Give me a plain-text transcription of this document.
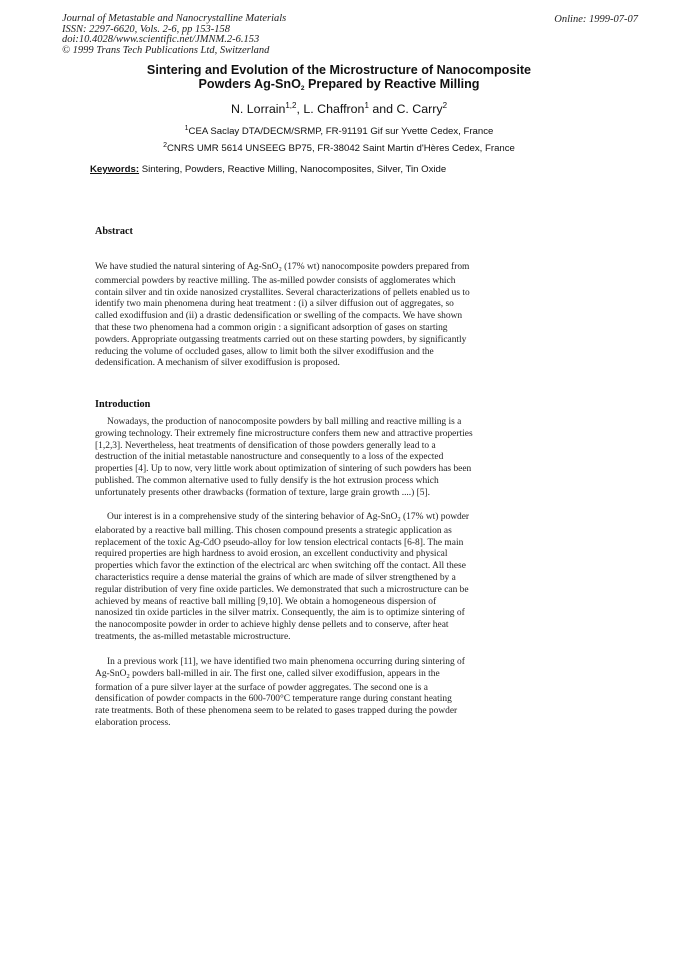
Journal of Metastable and Nanocrystalline Materials
ISSN: 2297-6620, Vols. 2-6, pp 153-158
doi:10.4028/www.scientific.net/JMNM.2-6.153
© 1999 Trans Tech Publications Ltd, Switzerland
Online: 1999-07-07
Sintering and Evolution of the Microstructure of Nanocomposite
Powders Ag-SnO$_2$ Prepared by Reactive Milling
N. Lorrain$^{1,2}$, L. Chaffron$^1$ and C. Carry$^2$
$^1$CEA Saclay DTA/DECM/SRMP, FR-91191 Gif sur Yvette Cedex, France
$^2$CNRS UMR 5614 UNSEEG BP75, FR-38042 Saint Martin d'Hères Cedex, France
Keywords: Sintering, Powders, Reactive Milling, Nanocomposites, Silver, Tin Oxide
Abstract
We have studied the natural sintering of Ag-SnO$_2$ (17% wt) nanocomposite powders prepared from
commercial powders by reactive milling. The as-milled powder consists of agglomerates which
contain silver and tin oxide nanosized crystallites. Several characterizations of pellets enabled us to
identify two main phenomena during heat treatment : (i) a silver diffusion out of aggregates, so
called exodiffusion and (ii) a drastic dedensification or swelling of the compacts. We have shown
that these two phenomena had a common origin : a significant adsorption of gases on starting
powders. Appropriate outgassing treatments carried out on these starting powders, by significantly
reducing the volume of occluded gases, allow to limit both the silver exodiffusion and the
dedensification. A mechanism of silver exodiffusion is proposed.
Introduction
Nowadays, the production of nanocomposite powders by ball milling and reactive milling is a
growing technology. Their extremely fine microstructure confers them new and attractive properties
[1,2,3]. Nevertheless, heat treatments of densification of those powders generally lead to a
destruction of the initial metastable nanostructure and consequently to a loss of the expected
properties [4]. Up to now, very little work about optimization of sintering of such powders has been
published. The common alternative used to fully densify is the hot extrusion process which
unfortunately presents other drawbacks (formation of texture, large grain growth ....) [5].
Our interest is in a comprehensive study of the sintering behavior of Ag-SnO$_2$ (17% wt) powder
elaborated by a reactive ball milling. This chosen compound presents a strategic application as
replacement of the toxic Ag-CdO pseudo-alloy for low tension electrical contacts [6-8]. The main
required properties are high hardness to avoid erosion, an excellent conductivity and physical
properties which favor the extinction of the electrical arc when switching off the contact. All these
characteristics require a dense material the grains of which are made of silver strengthened by a
regular distribution of very fine oxide particles. We demonstrated that such a microstructure can be
achieved by means of reactive ball milling [9,10]. We obtain a homogeneous dispersion of
nanosized tin oxide particles in the silver matrix. Consequently, the aim is to optimize sintering of
the nanocomposite powder in order to achieve highly dense pellets and to conserve, after heat
treatments, the as-milled metastable microstructure.
In a previous work [11], we have identified two main phenomena occurring during sintering of
Ag-SnO$_2$ powders ball-milled in air. The first one, called silver exodiffusion, appears in the
formation of a pure silver layer at the surface of powder aggregates. The second one is a
densification of powder compacts in the 600-700°C temperature range during constant heating
rate treatments. Both of these phenomena seem to be related to gases trapped during the powder
elaboration process.
